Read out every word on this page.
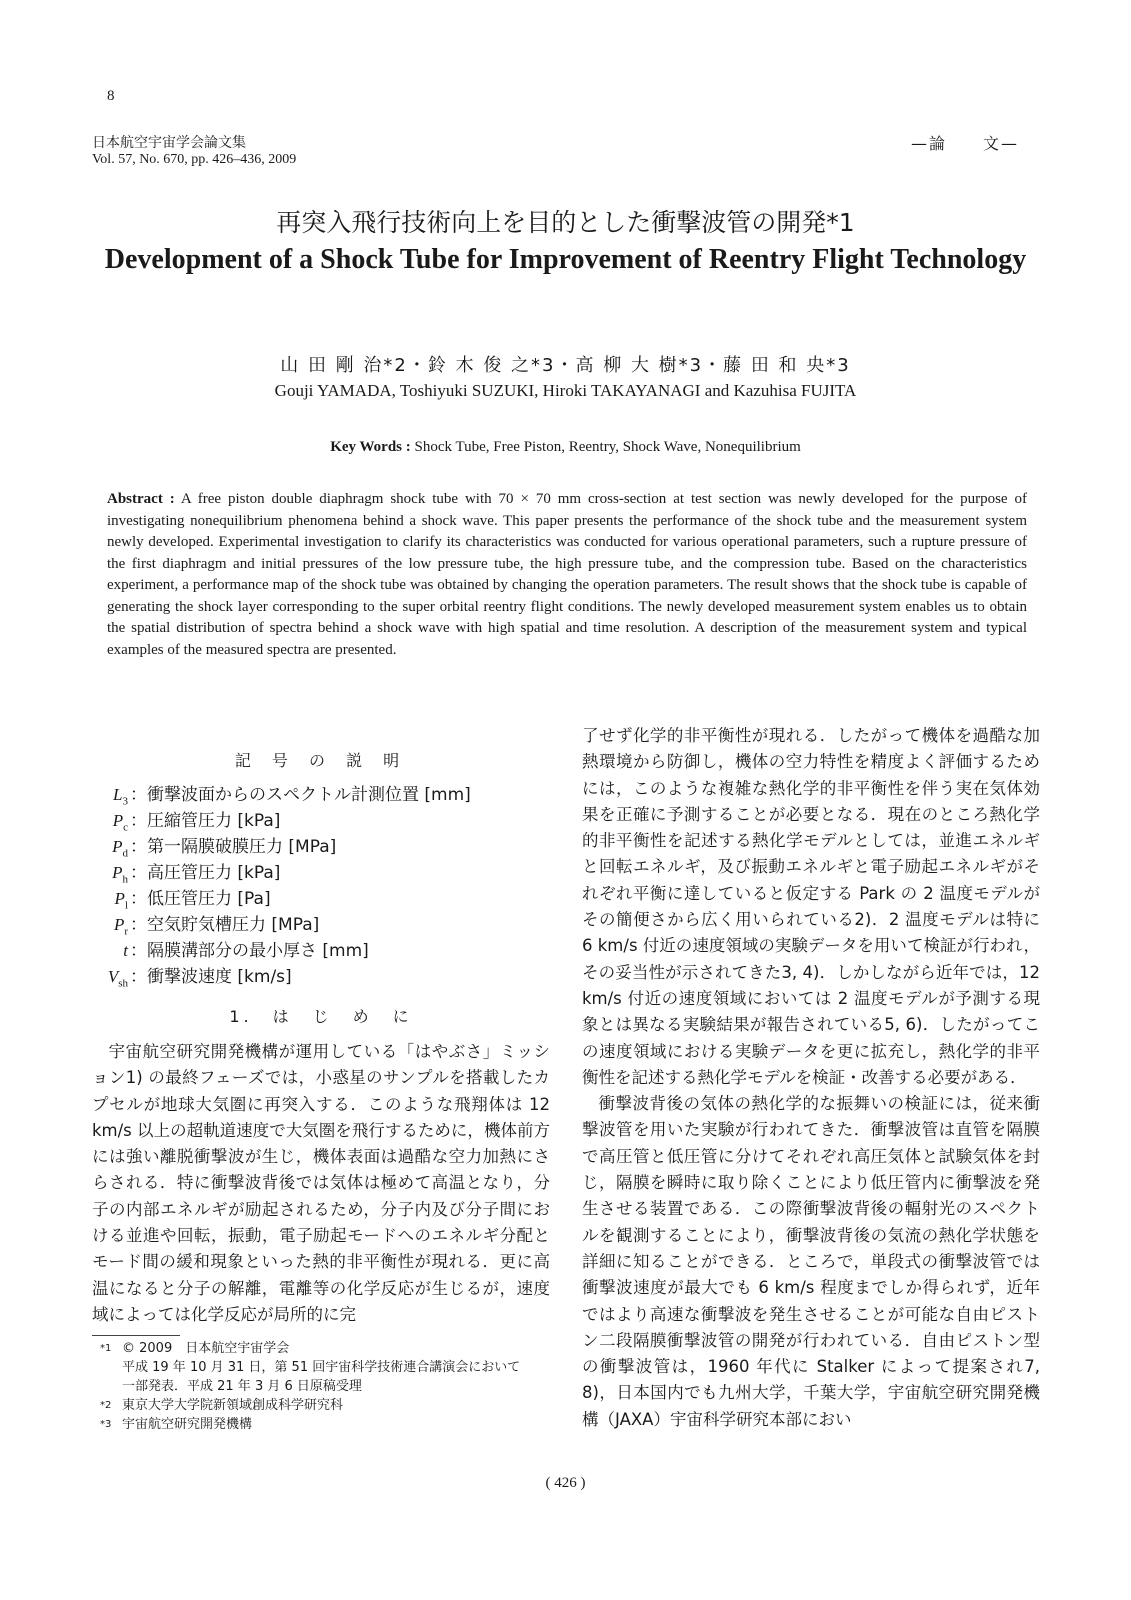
8
日本航空宇宙学会論文集
Vol. 57, No. 670, pp. 426–436, 2009
—論　　文—
再突入飛行技術向上を目的とした衝撃波管の開発*1
Development of a Shock Tube for Improvement of Reentry Flight Technology
山 田 剛 治*2・鈴 木 俊 之*3・高 柳 大 樹*3・藤 田 和 央*3
Gouji YAMADA, Toshiyuki SUZUKI, Hiroki TAKAYANAGI and Kazuhisa FUJITA
Key Words : Shock Tube, Free Piston, Reentry, Shock Wave, Nonequilibrium
Abstract : A free piston double diaphragm shock tube with 70 × 70 mm cross-section at test section was newly developed for the purpose of investigating nonequilibrium phenomena behind a shock wave. This paper presents the performance of the shock tube and the measurement system newly developed. Experimental investigation to clarify its characteristics was conducted for various operational parameters, such a rupture pressure of the first diaphragm and initial pressures of the low pressure tube, the high pressure tube, and the compression tube. Based on the characteristics experiment, a performance map of the shock tube was obtained by changing the operation parameters. The result shows that the shock tube is capable of generating the shock layer corresponding to the super orbital reentry flight conditions. The newly developed measurement system enables us to obtain the spatial distribution of spectra behind a shock wave with high spatial and time resolution. A description of the measurement system and typical examples of the measured spectra are presented.
記 号 の 説 明
$L_3$ ：衝撃波面からのスペクトル計測位置 [mm]
$P_c$ ：圧縮管圧力 [kPa]
$P_d$ ：第一隔膜破膜圧力 [MPa]
$P_h$ ：高圧管圧力 [kPa]
$P_l$ ：低圧管圧力 [Pa]
$P_r$ ：空気貯気槽圧力 [MPa]
t ：隔膜溝部分の最小厚さ [mm]
$V_{sh}$ ：衝撃波速度 [km/s]
1.　は　じ　め　に
宇宙航空研究開発機構が運用している「はやぶさ」ミッション1) の最終フェーズでは，小惑星のサンプルを搭載したカプセルが地球大気圏に再突入する．このような飛翔体は 12 km/s 以上の超軌道速度で大気圏を飛行するために，機体前方には強い離脱衝撃波が生じ，機体表面は過酷な空力加熱にさらされる．特に衝撃波背後では気体は極めて高温となり，分子の内部エネルギが励起されるため，分子内及び分子間における並進や回転，振動，電子励起モードへのエネルギ分配とモード間の緩和現象といった熱的非平衡性が現れる．更に高温になると分子の解離，電離等の化学反応が生じるが，速度域によっては化学反応が局所的に完
了せず化学的非平衡性が現れる．したがって機体を過酷な加熱環境から防御し，機体の空力特性を精度よく評価するためには，このような複雑な熱化学的非平衡性を伴う実在気体効果を正確に予測することが必要となる．現在のところ熱化学的非平衡性を記述する熱化学モデルとしては，並進エネルギと回転エネルギ，及び振動エネルギと電子励起エネルギがそれぞれ平衡に達していると仮定する Park の 2 温度モデルがその簡便さから広く用いられている2)．2 温度モデルは特に 6 km/s 付近の速度領域の実験データを用いて検証が行われ，その妥当性が示されてきた3, 4)．しかしながら近年では，12 km/s 付近の速度領域においては 2 温度モデルが予測する現象とは異なる実験結果が報告されている5, 6)．したがってこの速度領域における実験データを更に拡充し，熱化学的非平衡性を記述する熱化学モデルを検証・改善する必要がある．
衝撃波背後の気体の熱化学的な振舞いの検証には，従来衝撃波管を用いた実験が行われてきた．衝撃波管は直管を隔膜で高圧管と低圧管に分けてそれぞれ高圧気体と試験気体を封じ，隔膜を瞬時に取り除くことにより低圧管内に衝撃波を発生させる装置である．この際衝撃波背後の輻射光のスペクトルを観測することにより，衝撃波背後の気流の熱化学状態を詳細に知ることができる．ところで，単段式の衝撃波管では衝撃波速度が最大でも 6 km/s 程度までしか得られず，近年ではより高速な衝撃波を発生させることが可能な自由ピストン二段隔膜衝撃波管の開発が行われている．自由ピストン型の衝撃波管は，1960 年代に Stalker によって提案され7, 8)，日本国内でも九州大学，千葉大学，宇宙航空研究開発機構（JAXA）宇宙科学研究本部におい
*1 © 2009　日本航空宇宙学会
平成 19 年 10 月 31 日，第 51 回宇宙科学技術連合講演会において一部発表．平成 21 年 3 月 6 日原稿受理
*2 東京大学大学院新領域創成科学研究科
*3 宇宙航空研究開発機構
( 426 )
